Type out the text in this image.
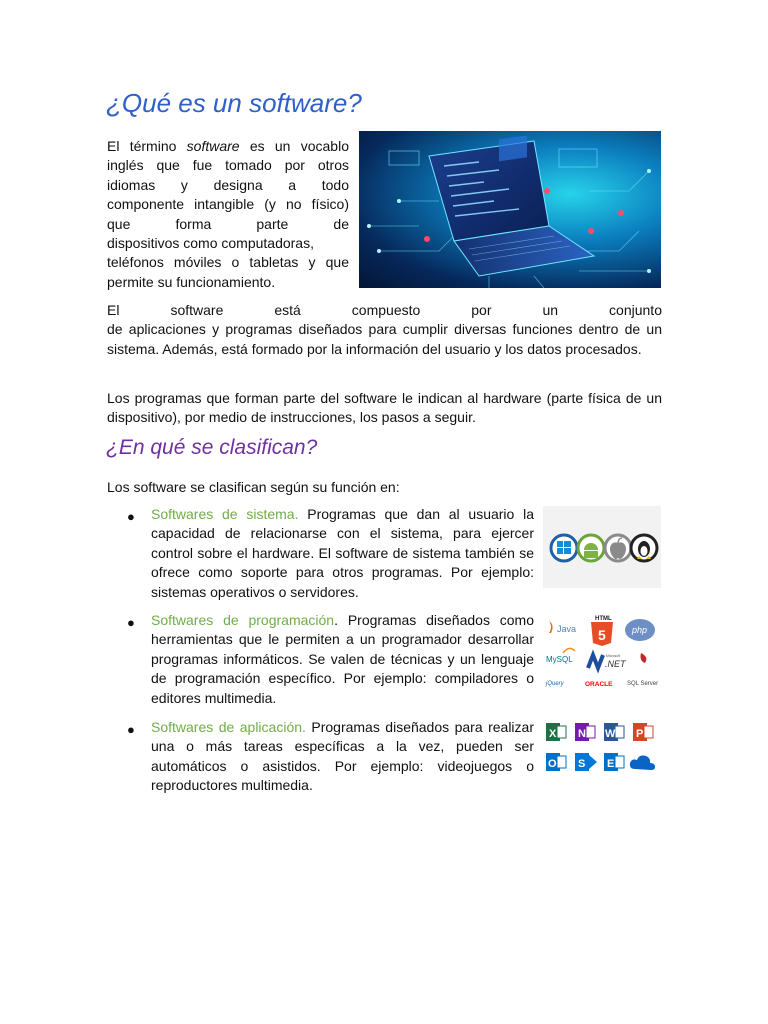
¿Qué es un software?

El término software es un vocablo
inglés que fue tomado por otros
idiomas y designa a todo
componente intangible (y no físico)
que forma parte de
dispositivos como computadoras,
teléfonos móviles o tabletas y que
permite su funcionamiento.

El software está compuesto por un conjunto
de aplicaciones y programas diseñados para cumplir diversas funciones dentro de un sistema. Además, está formado por la información del usuario y los datos procesados.

Los programas que forman parte del software le indican al hardware (parte física de un dispositivo), por medio de instrucciones, los pasos a seguir.

¿En qué se clasifican?

Los software se clasifican según su función en:

● Softwares de sistema. Programas que dan al usuario la capacidad de relacionarse con el sistema, para ejercer control sobre el hardware. El software de sistema también se ofrece como soporte para otros programas. Por ejemplo: sistemas operativos o servidores.

● Softwares de programación. Programas diseñados como herramientas que le permiten a un programador desarrollar programas informáticos. Se valen de técnicas y un lenguaje de programación específico. Por ejemplo: compiladores o editores multimedia.

● Softwares de aplicación. Programas diseñados para realizar una o más tareas específicas a la vez, pueden ser automáticos o asistidos. Por ejemplo: videojuegos o reproductores multimedia.

Java
HTML
5	php
MySQL	Microsoft
.NET
jQuery	ORACLE SQL Server
X N W P
O S E
